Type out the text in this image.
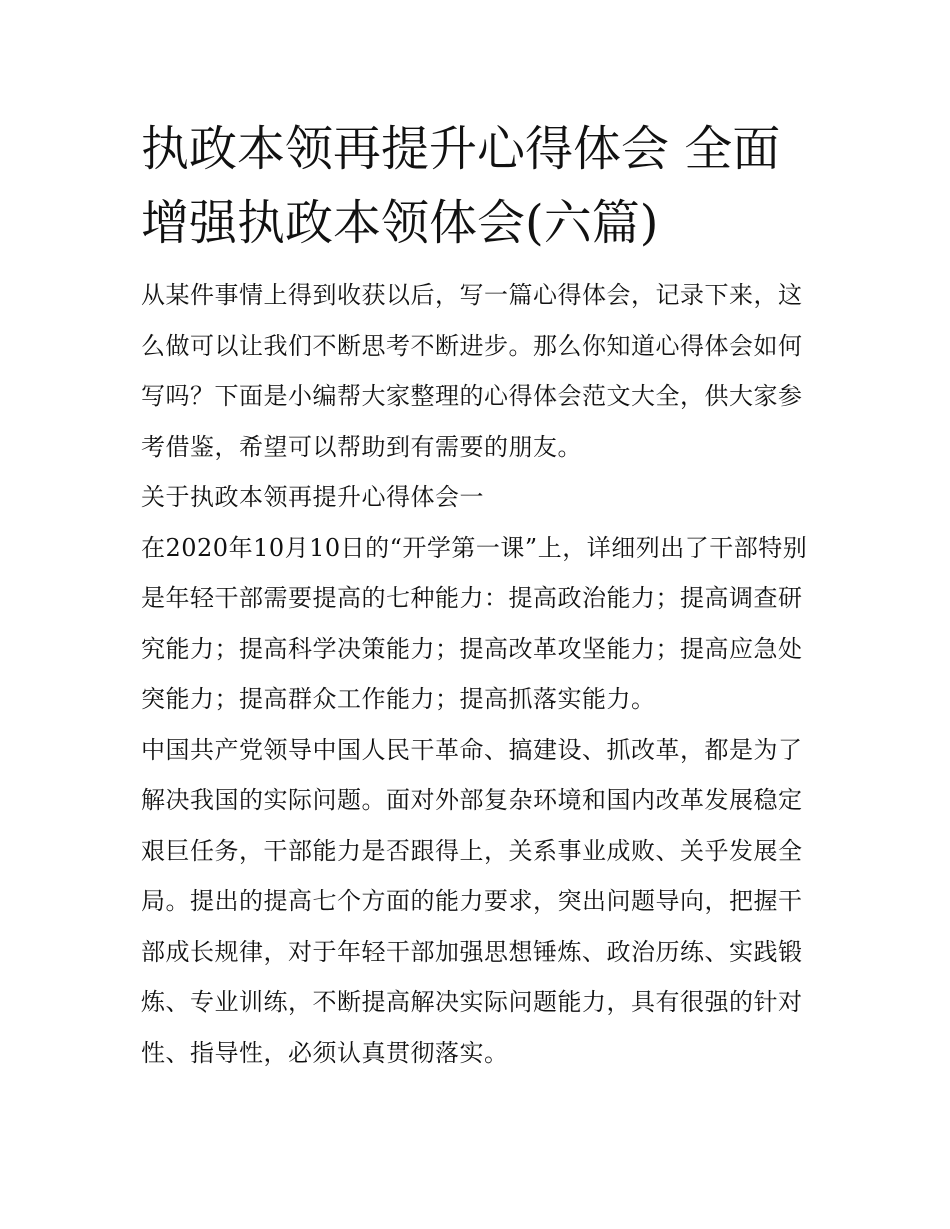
执政本领再提升心得体会 全面增强执政本领体会(六篇)

从某件事情上得到收获以后，写一篇心得体会，记录下来，这么做可以让我们不断思考不断进步。那么你知道心得体会如何写吗？下面是小编帮大家整理的心得体会范文大全，供大家参考借鉴，希望可以帮助到有需要的朋友。

关于执政本领再提升心得体会一

在2020年10月10日的“开学第一课”上，详细列出了干部特别是年轻干部需要提高的七种能力：提高政治能力；提高调查研究能力；提高科学决策能力；提高改革攻坚能力；提高应急处突能力；提高群众工作能力；提高抓落实能力。

中国共产党领导中国人民干革命、搞建设、抓改革，都是为了解决我国的实际问题。面对外部复杂环境和国内改革发展稳定艰巨任务，干部能力是否跟得上，关系事业成败、关乎发展全局。提出的提高七个方面的能力要求，突出问题导向，把握干部成长规律，对于年轻干部加强思想锤炼、政治历练、实践锻炼、专业训练，不断提高解决实际问题能力，具有很强的针对性、指导性，必须认真贯彻落实。
